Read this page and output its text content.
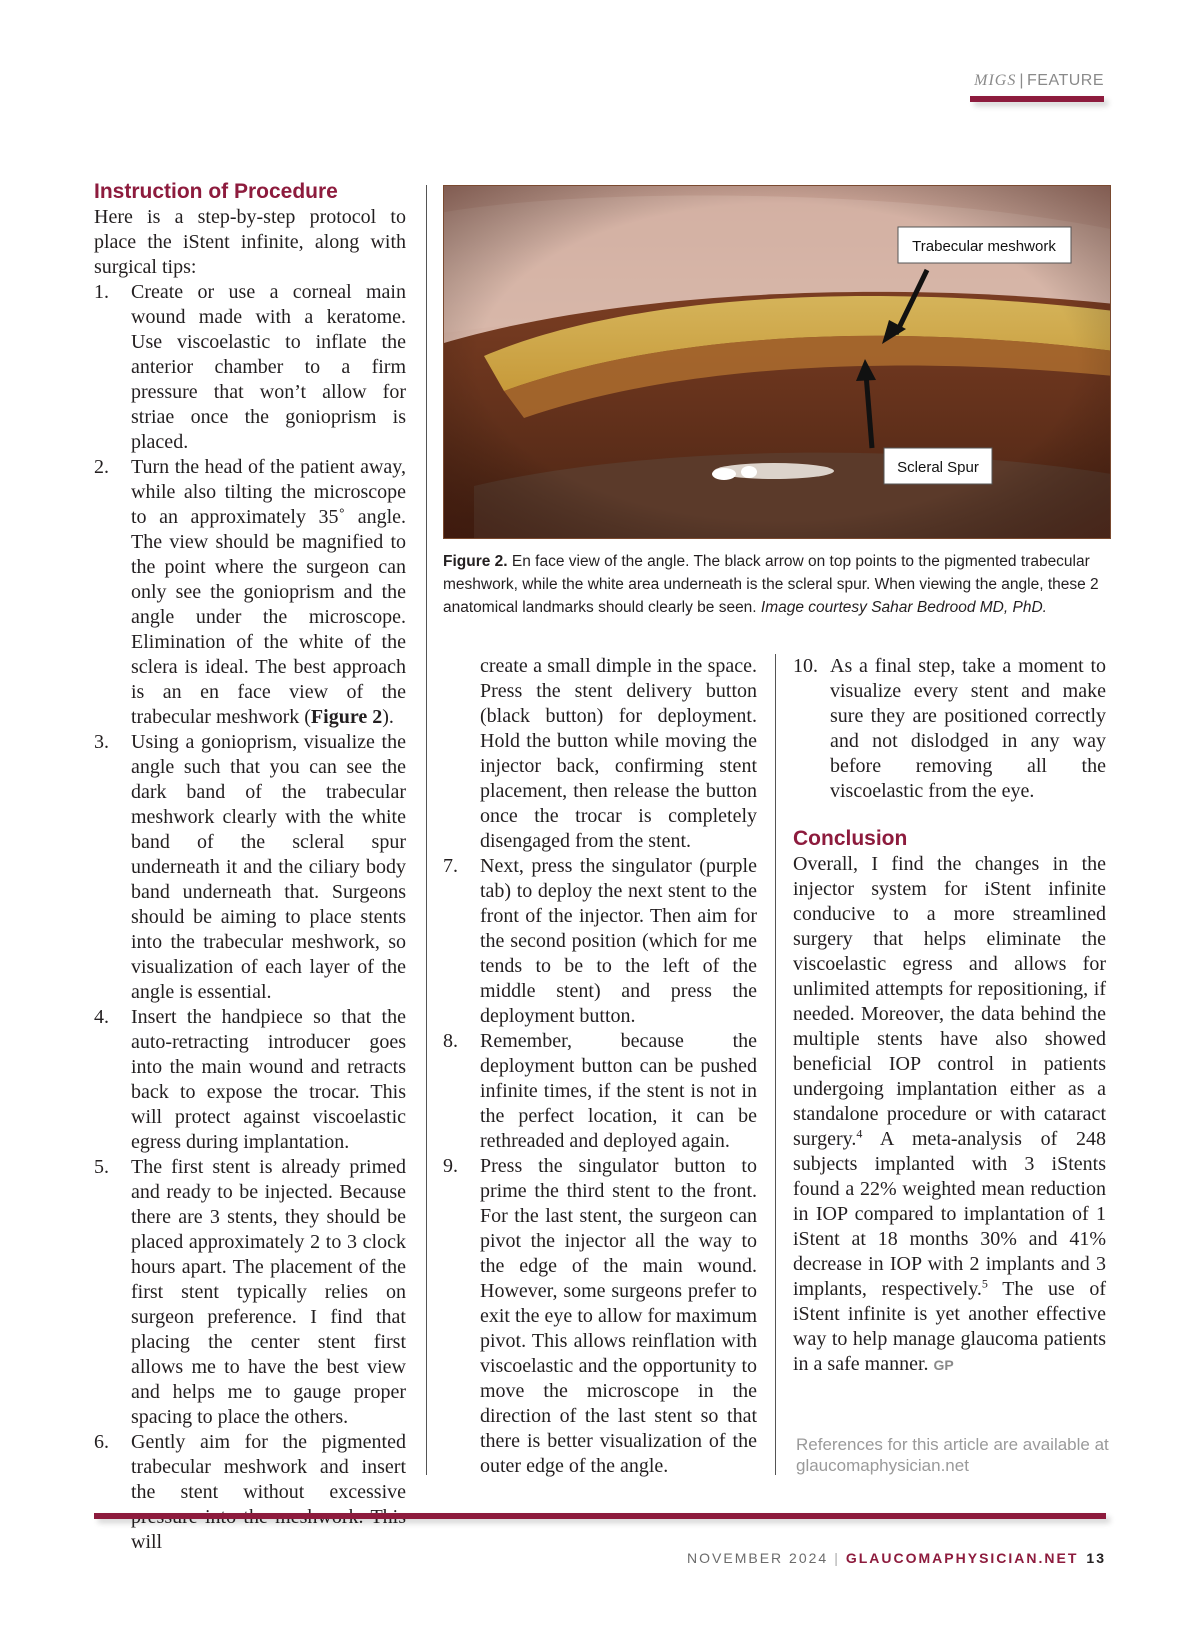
MIGS | FEATURE
Instruction of Procedure

Here is a step-by-step protocol to place the iStent infinite, along with surgical tips:

1.	Create or use a corneal main wound made with a keratome. Use viscoelastic to inflate the anterior chamber to a firm pressure that won’t allow for striae once the gonioprism is placed.
2.	Turn the head of the patient away, while also tilting the microscope to an approximately 35˚ angle. The view should be magnified to the point where the surgeon can only see the gonioprism and the angle under the microscope. Elimination of the white of the sclera is ideal. The best approach is an en face view of the trabecular meshwork (Figure 2).
3.	Using a gonioprism, visualize the angle such that you can see the dark band of the trabecular meshwork clearly with the white band of the scleral spur underneath it and the ciliary body band underneath that. Surgeons should be aiming to place stents into the trabecular meshwork, so visualization of each layer of the angle is essential.
4.	Insert the handpiece so that the auto-retracting introducer goes into the main wound and retracts back to expose the trocar. This will protect against viscoelastic egress during implantation.
5.	The first stent is already primed and ready to be injected. Because there are 3 stents, they should be placed approximately 2 to 3 clock hours apart. The placement of the first stent typically relies on surgeon preference. I find that placing the center stent first allows me to have the best view and helps me to gauge proper spacing to place the others.
6.	Gently aim for the pigmented trabecular meshwork and insert the stent without excessive will
Trabecular meshwork
Scleral Spur
Figure 2. En face view of the angle. The black arrow on top points to the pigmented trabecular meshwork, while the white area underneath is the scleral spur. When viewing the angle, these 2 anatomical landmarks should clearly be seen. Image courtesy Sahar Bedrood MD, PhD.
create a small dimple in the space. Press the stent delivery button (black button) for deployment. Hold the button while moving the injector back, confirming stent placement, then release the button once the trocar is completely disengaged from the stent.
7.	Next, press the singulator (purple tab) to deploy the next stent to the front of the injector. Then aim for the second position (which for me tends to be to the left of the middle stent) and press the deployment button.
8.	Remember, because the deployment button can be pushed infinite times, if the stent is not in the perfect location, it can be rethreaded and deployed again.
9.	Press the singulator button to prime the third stent to the front. For the last stent, the surgeon can pivot the injector all the way to the edge of the main wound. However, some surgeons prefer to exit the eye to allow for maximum pivot. This allows reinflation with viscoelastic and the opportunity to move the microscope in the direction of the last stent so that there is better visualization of the outer edge of the angle.
10. As a final step, take a moment to visualize every stent and make sure they are positioned correctly and not dislodged in any way before removing all the viscoelastic from the eye.
Conclusion

Overall, I find the changes in the injector system for iStent infinite conducive to a more streamlined surgery that helps eliminate the viscoelastic egress and allows for unlimited attempts for repositioning, if needed. Moreover, the data behind the multiple stents have also showed beneficial IOP control in patients undergoing implantation either as a standalone procedure or with cataract surgery.$^4$ A meta-analysis of 248 subjects implanted with 3 iStents found a 22% weighted mean reduction in IOP compared to implantation of 1 iStent at 18 months 30% and 41% decrease in IOP with 2 implants and 3 implants, respectively.$^5$ The use of iStent infinite is yet another effective way to help manage glaucoma patients in a safe manner. GP

References for this article are available at glaucomaphysician.net
NOVEMBER 2024 | GLAUCOMAPHYSICIAN.NET 13
